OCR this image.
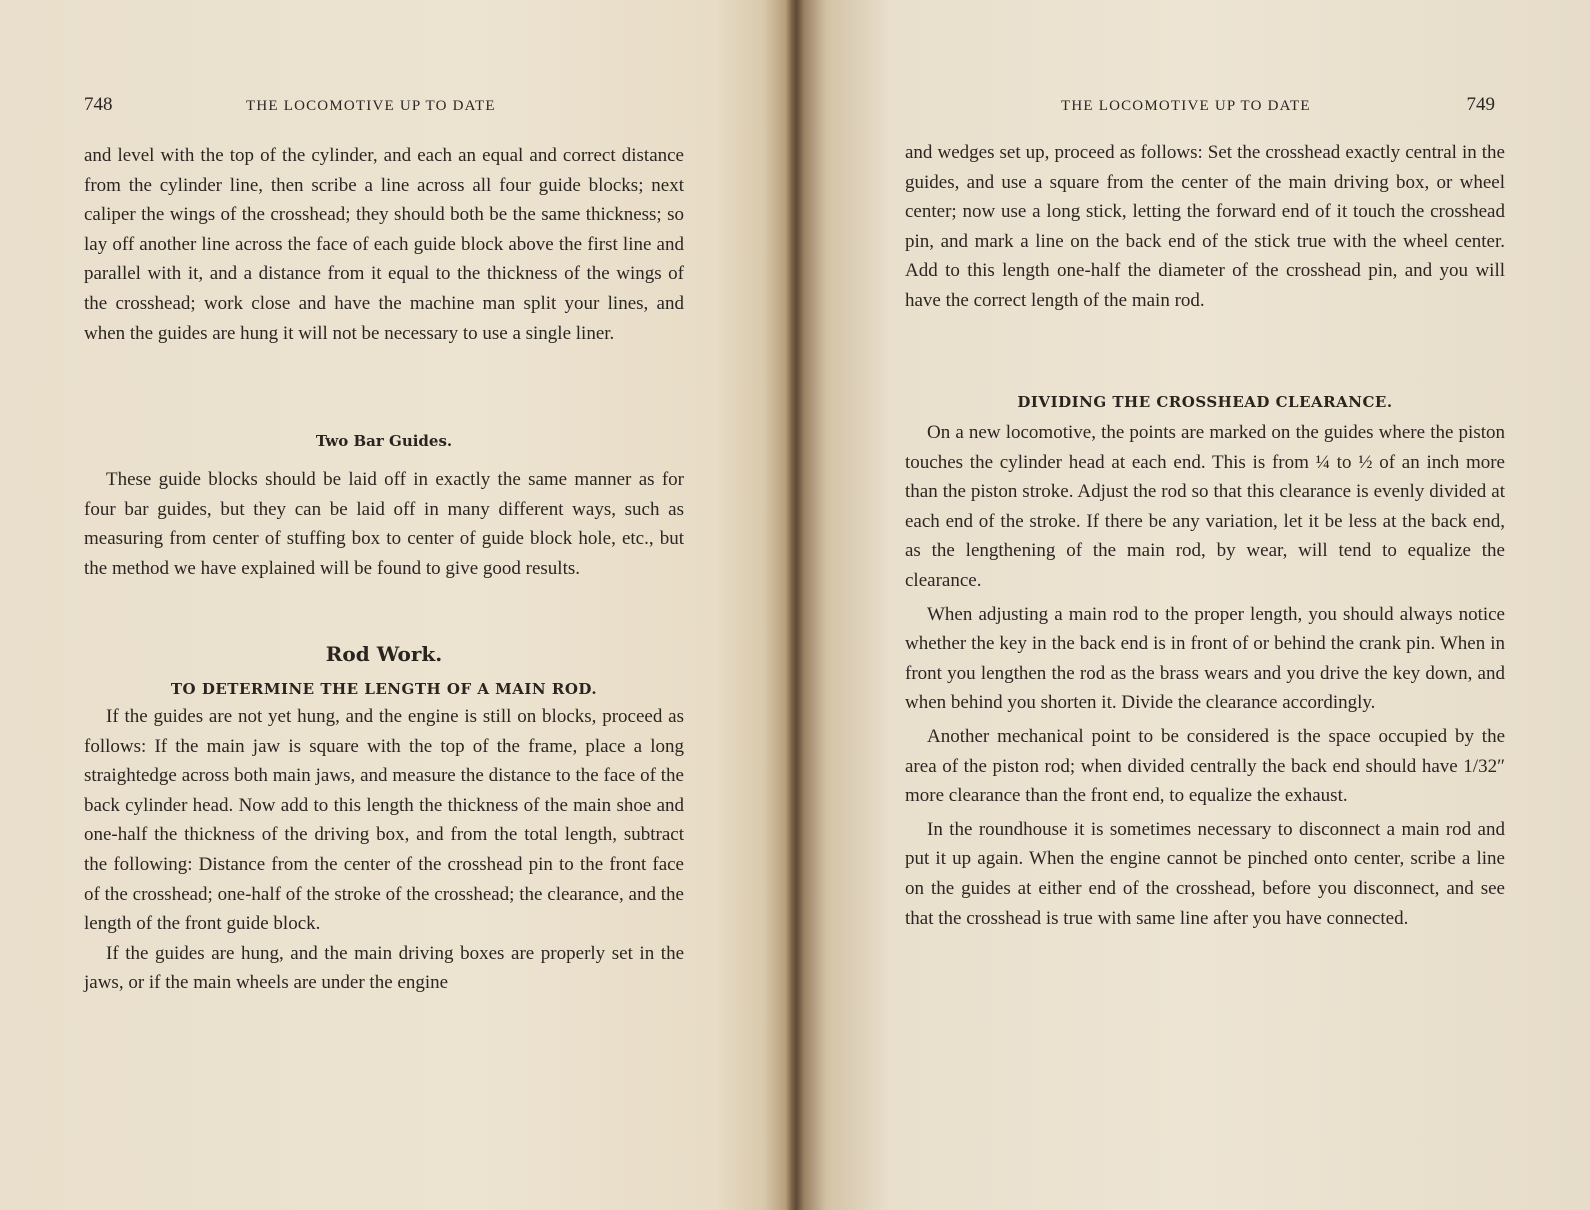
748	THE LOCOMOTIVE UP TO DATE

and level with the top of the cylinder, and each an equal and correct distance from the cylinder line, then scribe a line across all four guide blocks; next caliper the wings of the crosshead; they should both be the same thickness; so lay off another line across the face of each guide block above the first line and parallel with it, and a distance from it equal to the thickness of the wings of the crosshead; work close and have the machine man split your lines, and when the guides are hung it will not be necessary to use a single liner.

Two Bar Guides.

These guide blocks should be laid off in exactly the same manner as for four bar guides, but they can be laid off in many different ways, such as measuring from center of stuffing box to center of guide block hole, etc., but the method we have explained will be found to give good results.

Rod Work.
TO DETERMINE THE LENGTH OF A MAIN ROD.

If the guides are not yet hung, and the engine is still on blocks, proceed as follows: If the main jaw is square with the top of the frame, place a long straightedge across both main jaws, and measure the distance to the face of the back cylinder head. Now add to this length the thickness of the main shoe and one-half the thickness of the driving box, and from the total length, subtract the following: Distance from the center of the crosshead pin to the front face of the crosshead; one-half of the stroke of the crosshead; the clearance, and the length of the front guide block.

If the guides are hung, and the main driving boxes are properly set in the jaws, or if the main wheels are under the engine

THE LOCOMOTIVE UP TO DATE	749

and wedges set up, proceed as follows: Set the crosshead exactly central in the guides, and use a square from the center of the main driving box, or wheel center; now use a long stick, letting the forward end of it touch the crosshead pin, and mark a line on the back end of the stick true with the wheel center. Add to this length one-half the diameter of the crosshead pin, and you will have the correct length of the main rod.

DIVIDING THE CROSSHEAD CLEARANCE.

On a new locomotive, the points are marked on the guides where the piston touches the cylinder head at each end. This is from ¼ to ½ of an inch more than the piston stroke. Adjust the rod so that this clearance is evenly divided at each end of the stroke. If there be any variation, let it be less at the back end, as the lengthening of the main rod, by wear, will tend to equalize the clearance.

When adjusting a main rod to the proper length, you should always notice whether the key in the back end is in front of or behind the crank pin. When in front you lengthen the rod as the brass wears and you drive the key down, and when behind you shorten it. Divide the clearance accordingly.

Another mechanical point to be considered is the space occupied by the area of the piston rod; when divided centrally the back end should have 1/32″ more clearance than the front end, to equalize the exhaust.

In the roundhouse it is sometimes necessary to disconnect a main rod and put it up again. When the engine cannot be pinched onto center, scribe a line on the guides at either end of the crosshead, before you disconnect, and see that the crosshead is true with same line after you have connected.
